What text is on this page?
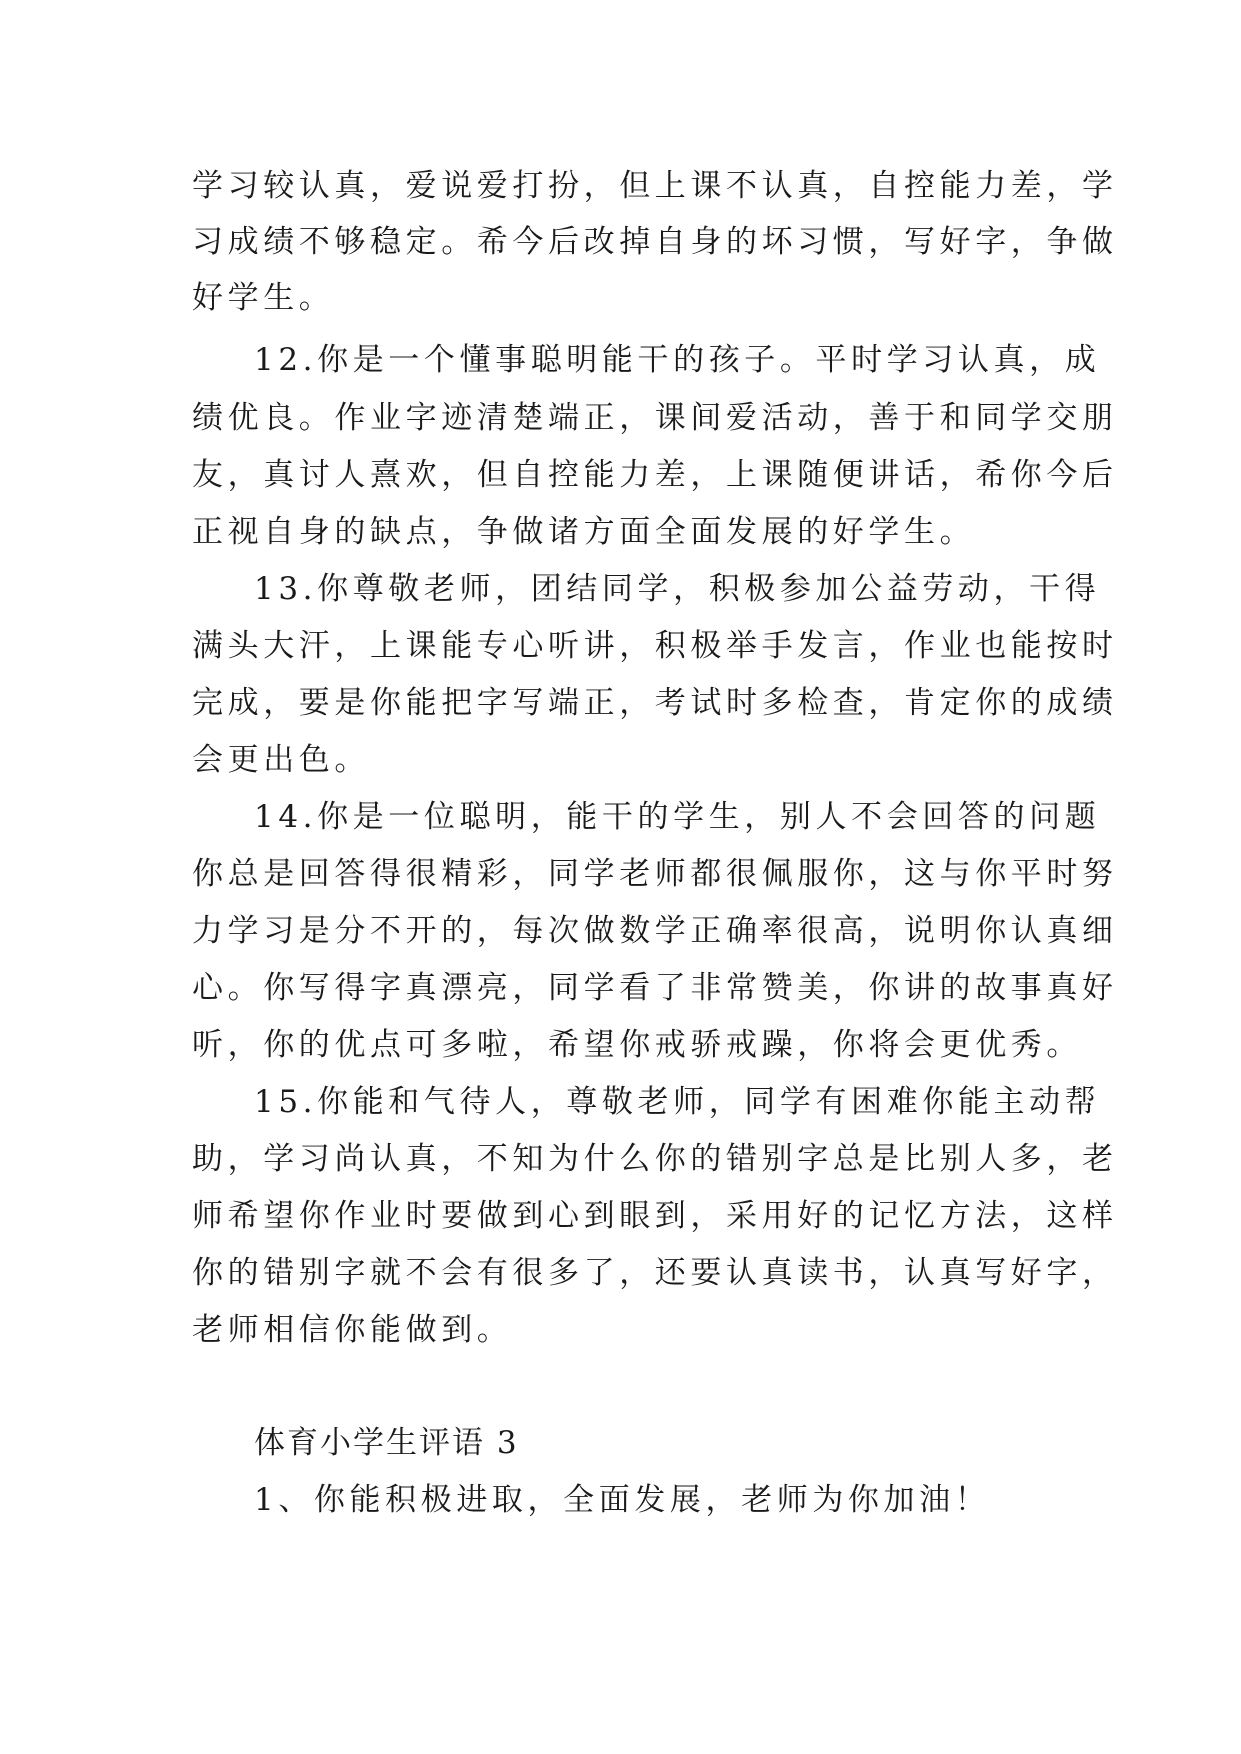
学习较认真，爱说爱打扮，但上课不认真，自控能力差，学
习成绩不够稳定。希今后改掉自身的坏习惯，写好字，争做
好学生。
12.你是一个懂事聪明能干的孩子。平时学习认真，成
绩优良。作业字迹清楚端正，课间爱活动，善于和同学交朋
友，真讨人熹欢，但自控能力差，上课随便讲话，希你今后
正视自身的缺点，争做诸方面全面发展的好学生。
13.你尊敬老师，团结同学，积极参加公益劳动，干得
满头大汗，上课能专心听讲，积极举手发言，作业也能按时
完成，要是你能把字写端正，考试时多检查，肯定你的成绩
会更出色。
14.你是一位聪明，能干的学生，别人不会回答的问题
你总是回答得很精彩，同学老师都很佩服你，这与你平时努
力学习是分不开的，每次做数学正确率很高，说明你认真细
心。你写得字真漂亮，同学看了非常赞美，你讲的故事真好
听，你的优点可多啦，希望你戒骄戒躁，你将会更优秀。
15.你能和气待人，尊敬老师，同学有困难你能主动帮
助，学习尚认真，不知为什么你的错别字总是比别人多，老
师希望你作业时要做到心到眼到，采用好的记忆方法，这样
你的错别字就不会有很多了，还要认真读书，认真写好字，
老师相信你能做到。
体育小学生评语 3
1、你能积极进取，全面发展，老师为你加油！
